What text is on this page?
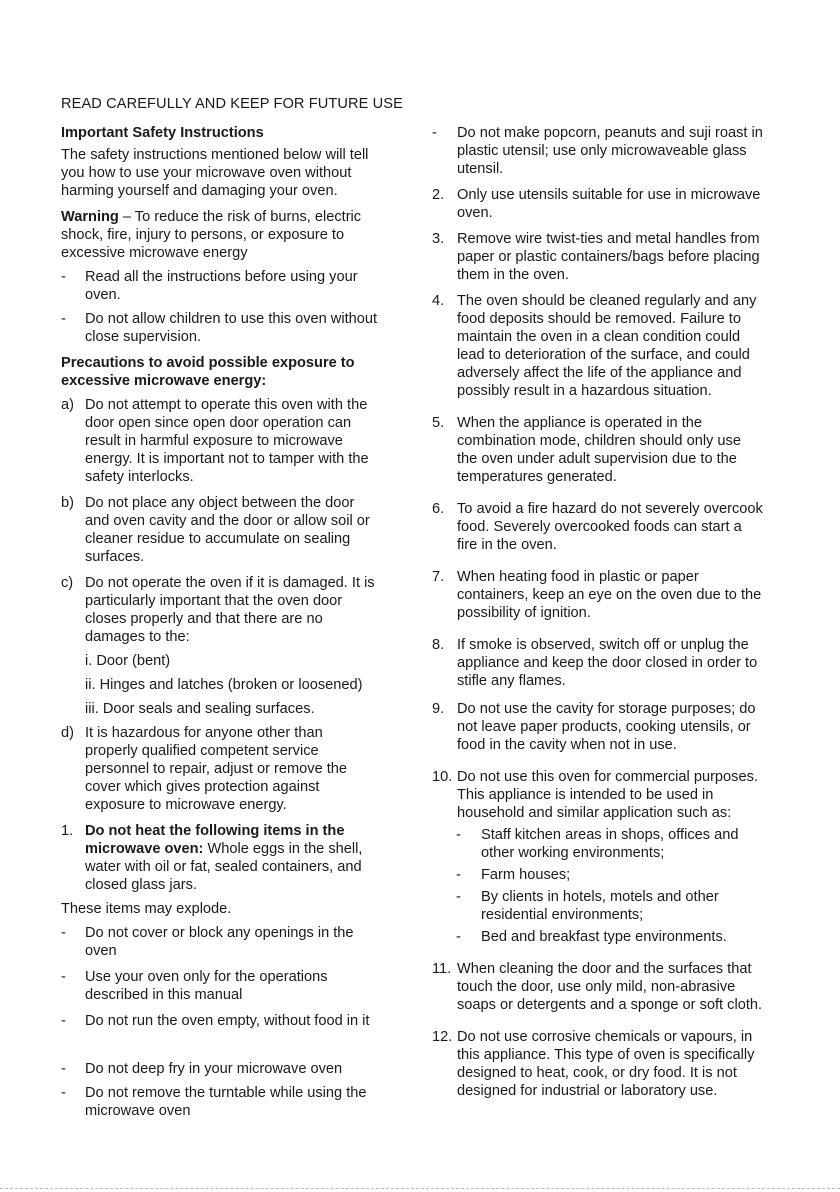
READ CAREFULLY AND KEEP FOR FUTURE USE

Important Safety Instructions

The safety instructions mentioned below will tell you how to use your microwave oven without harming yourself and damaging your oven.

Warning – To reduce the risk of burns, electric shock, fire, injury to persons, or exposure to excessive microwave energy

- Read all the instructions before using your oven.
- Do not allow children to use this oven without close supervision.

Precautions to avoid possible exposure to excessive microwave energy:

a) Do not attempt to operate this oven with the door open since open door operation can result in harmful exposure to microwave energy. It is important not to tamper with the safety interlocks.
b) Do not place any object between the door and oven cavity and the door or allow soil or cleaner residue to accumulate on sealing surfaces.
c) Do not operate the oven if it is damaged. It is particularly important that the oven door closes properly and that there are no damages to the:
i. Door (bent)
ii. Hinges and latches (broken or loosened)
iii. Door seals and sealing surfaces.
d) It is hazardous for anyone other than properly qualified competent service personnel to repair, adjust or remove the cover which gives protection against exposure to microwave energy.
1. Do not heat the following items in the microwave oven: Whole eggs in the shell, water with oil or fat, sealed containers, and closed glass jars.

These items may explode.

- Do not cover or block any openings in the oven
- Use your oven only for the operations described in this manual
- Do not run the oven empty, without food in it
- Do not deep fry in your microwave oven
- Do not remove the turntable while using the microwave oven
- Do not make popcorn, peanuts and suji roast in plastic utensil; use only microwaveable glass utensil.
2. Only use utensils suitable for use in microwave oven.
3. Remove wire twist-ties and metal handles from paper or plastic containers/bags before placing them in the oven.
4. The oven should be cleaned regularly and any food deposits should be removed. Failure to maintain the oven in a clean condition could lead to deterioration of the surface, and could adversely affect the life of the appliance and possibly result in a hazardous situation.
5. When the appliance is operated in the combination mode, children should only use the oven under adult supervision due to the temperatures generated.
6. To avoid a fire hazard do not severely overcook food. Severely overcooked foods can start a fire in the oven.
7. When heating food in plastic or paper containers, keep an eye on the oven due to the possibility of ignition.
8. If smoke is observed, switch off or unplug the appliance and keep the door closed in order to stifle any flames.
9. Do not use the cavity for storage purposes; do not leave paper products, cooking utensils, or food in the cavity when not in use.
10. Do not use this oven for commercial purposes. This appliance is intended to be used in household and similar application such as:
- Staff kitchen areas in shops, offices and other working environments;
- Farm houses;
- By clients in hotels, motels and other residential environments;
- Bed and breakfast type environments.
11. When cleaning the door and the surfaces that touch the door, use only mild, non-abrasive soaps or detergents and a sponge or soft cloth.
12. Do not use corrosive chemicals or vapours, in this appliance. This type of oven is specifically designed to heat, cook, or dry food. It is not designed for industrial or laboratory use.
